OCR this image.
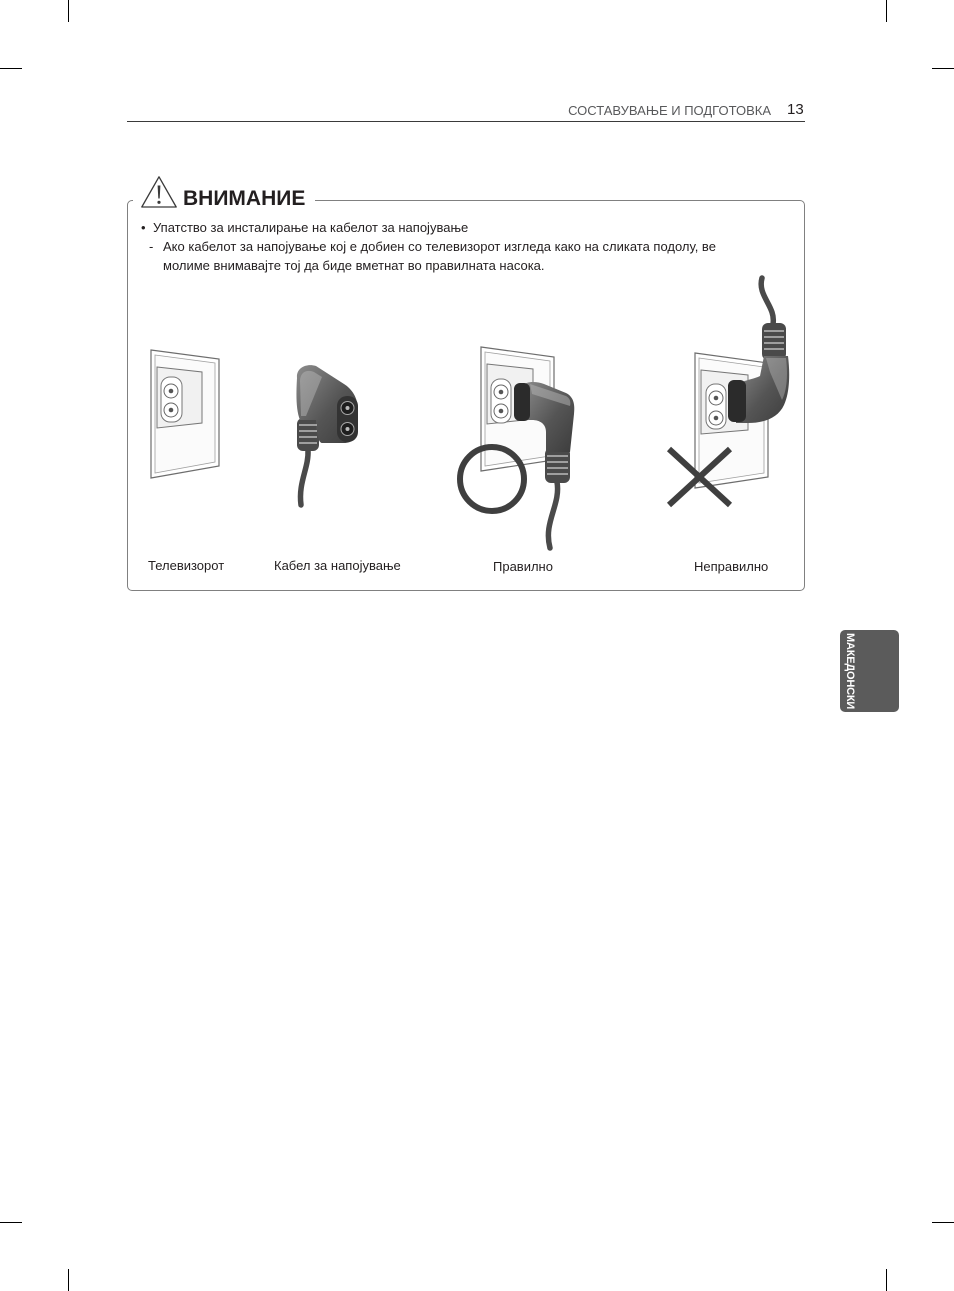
СОСТАВУВАЊЕ И ПОДГОТОВКА 13
ВНИМАНИЕ
• Упатство за инсталирање на кабелот за напојување
- Ако кабелот за напојување кој е добиен со телевизорот изгледа како на сликата подолу, ве
молиме внимавајте тој да биде вметнат во правилната насока.
Телевизорот	Кабел за напојување	Правилно	Неправилно
МАКЕДОНСКИ
